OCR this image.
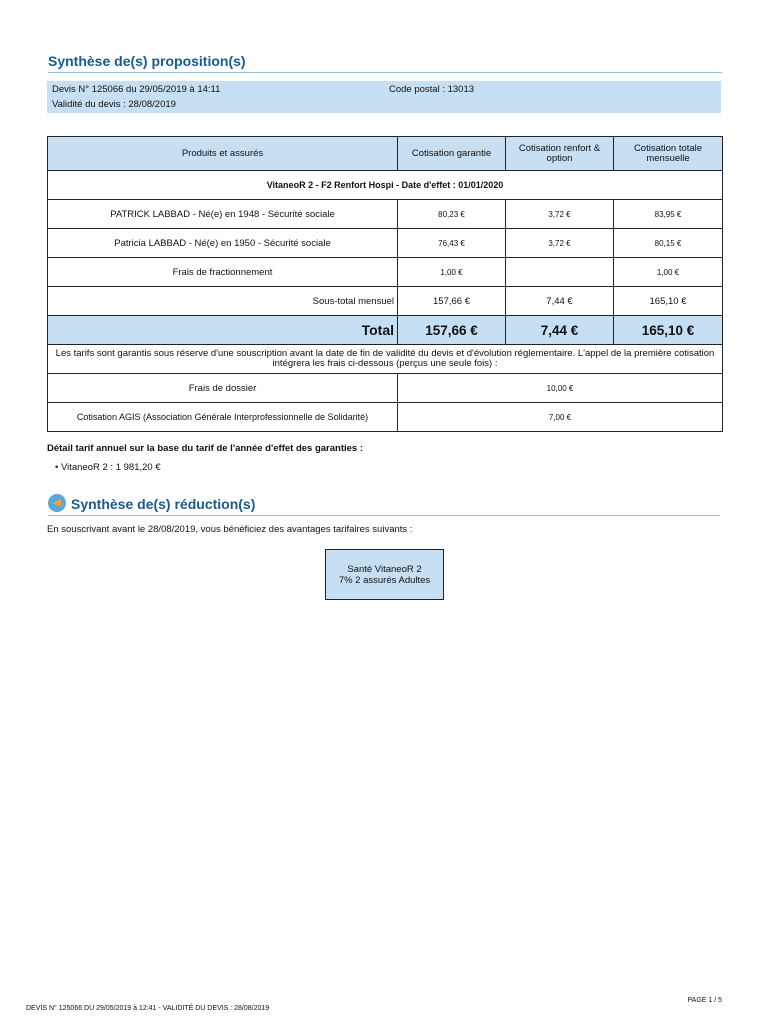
Synthèse de(s) proposition(s)
Devis N° 125066 du 29/05/2019 à 14:11	Code postal : 13013
Validité du devis : 28/08/2019
Produits et assurés	Cotisation garantie	Cotisation renfort & option	Cotisation totale mensuelle
VitaneoR 2 - F2 Renfort Hospi - Date d'effet : 01/01/2020			
PATRICK LABBAD - Né(e) en 1948 - Sécurité sociale	80,23 €	3,72 €	83,95 €
Patricia LABBAD - Né(e) en 1950 - Sécurité sociale	76,43 €	3,72 €	80,15 €
Frais de fractionnement	1,00 €		1,00 €
Sous-total mensuel	157,66 €	7,44 €	165,10 €
Total	157,66 €	7,44 €	165,10 €
Les tarifs sont garantis sous réserve d'une souscription avant la date de fin de validité du devis et d'évolution réglementaire. L'appel de la première cotisation intégrera les frais ci-dessous (perçus une seule fois) :			
Frais de dossier	10,00 €		
Cotisation AGIS (Association Générale Interprofessionnelle de Solidarité)	7,00 €		
Détail tarif annuel sur la base du tarif de l'année d'effet des garanties :
• VitaneoR 2 : 1 981,20 €
Synthèse de(s) réduction(s)
En souscrivant avant le 28/08/2019, vous bénéficiez des avantages tarifaires suivants :
Santé VitaneoR 2
7% 2 assurés Adultes
DEVIS N° 125066 DU 29/05/2019 à 12:41 - VALIDITÉ DU DEVIS : 28/08/2019
PAGE 1 / 5
